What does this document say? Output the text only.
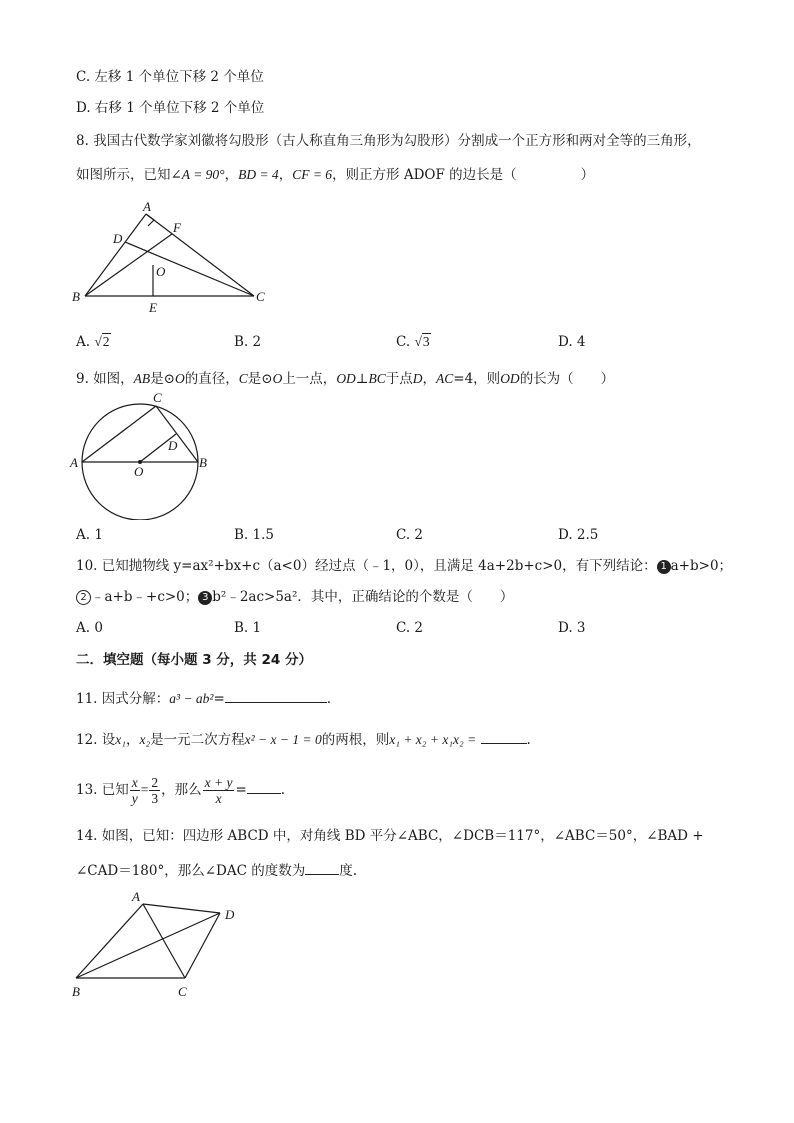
C. 左移 1 个单位下移 2 个单位
D. 右移 1 个单位下移 2 个单位
8. 我国古代数学家刘徽将勾股形（古人称直角三角形为勾股形）分割成一个正方形和两对全等的三角形，
如图所示，已知∠A = 90°，BD = 4，CF = 6，则正方形 ADOF 的边长是（	）
A
D
F
O
B
E
C
A. √2	B. 2	C. √3	D. 4
9. 如图，AB是⊙O的直径，C是⊙O上一点，OD⊥BC于点D，AC=4，则OD的长为（　　）
A	B
C
D
O
A. 1	B. 1.5	C. 2	D. 2.5
10. 已知抛物线 y=ax²+bx+c（a<0）经过点（﹣1，0），且满足 4a+2b+c>0，有下列结论： 1 a+b>0；
2 ﹣a+b﹣+c>0； 3 b²﹣2ac>5a²．其中，正确结论的个数是（　　）
A. 0	B. 1	C. 2	D. 3
二．填空题（每小题 3 分，共 24 分）
11. 因式分解：a³ − ab²=	.
12. 设x₁，x₂是一元二次方程x² − x − 1 = 0的两根，则x₁ + x₂ + x₁x₂ =	.
13. 已知 $\frac{x}{y} = \frac{2}{3}$ ，那么 $\frac{x + y}{x}$ =	.
14. 如图，已知：四边形 ABCD 中，对角线 BD 平分∠ABC，∠DCB＝117°，∠ABC＝50°，∠BAD +
∠CAD＝180°，那么∠DAC 的度数为	度.
A
B	C
D
